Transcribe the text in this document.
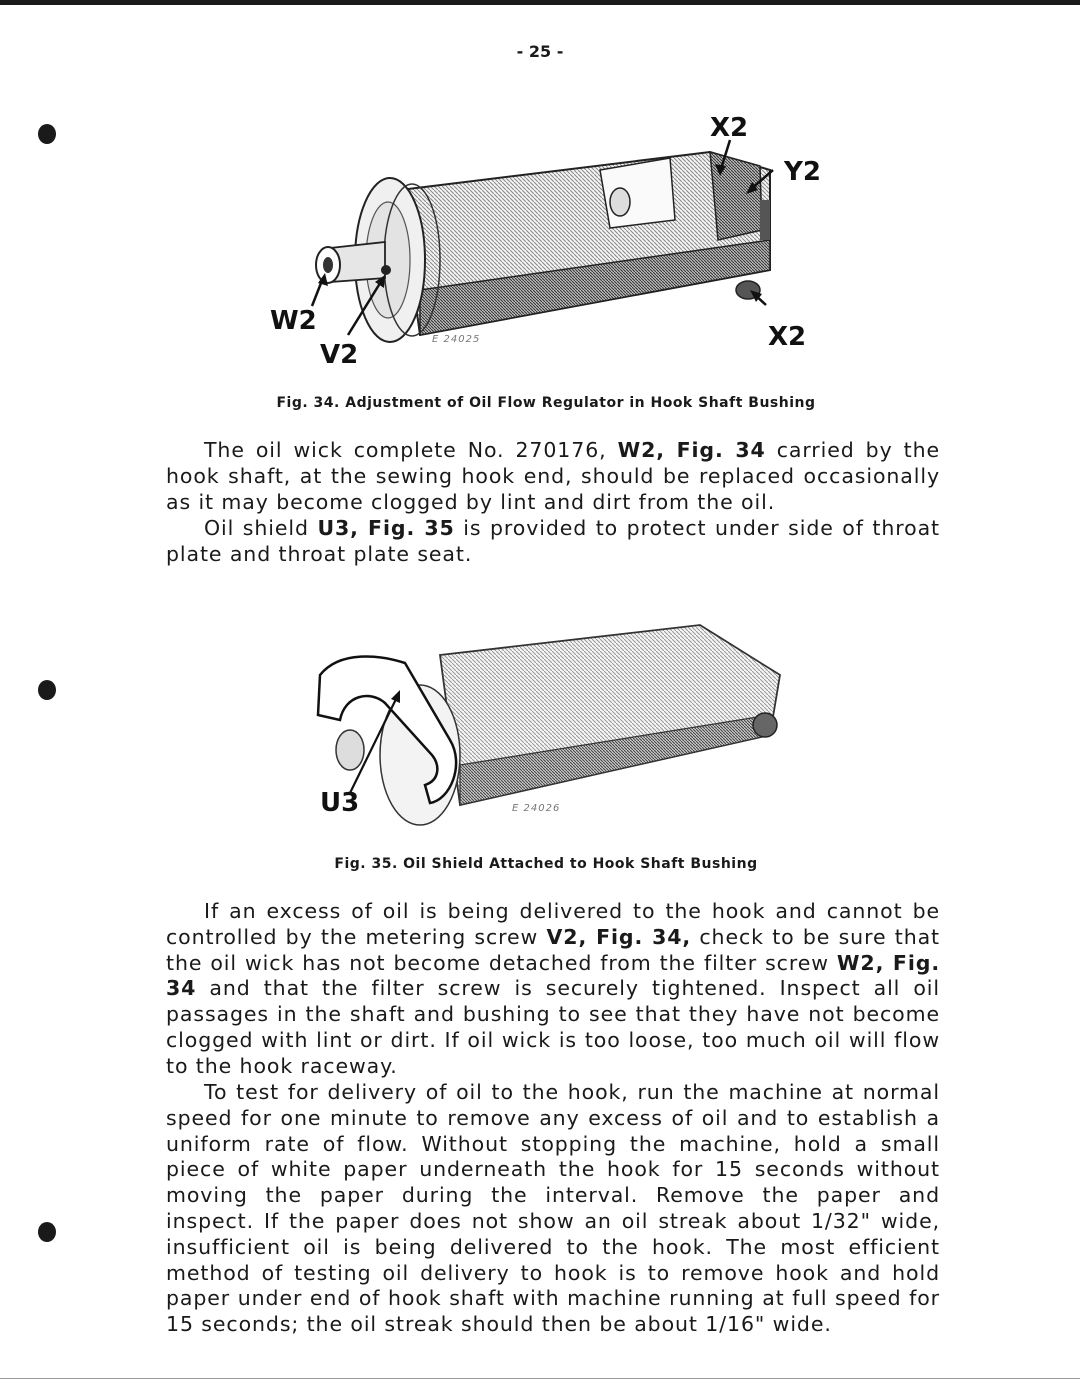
- 25 -
X2
Y2
W2
V2
X2
E 24025
Fig. 34. Adjustment of Oil Flow Regulator in Hook Shaft Bushing

The oil wick complete No. 270176, W2, Fig. 34 carried by the hook shaft, at the sewing hook end, should be replaced occasionally as it may become clogged by lint and dirt from the oil.

Oil shield U3, Fig. 35 is provided to protect under side of throat plate and throat plate seat.

U3	E 24026
Fig. 35. Oil Shield Attached to Hook Shaft Bushing

If an excess of oil is being delivered to the hook and cannot be controlled by the metering screw V2, Fig. 34, check to be sure that the oil wick has not become detached from the filter screw W2, Fig. 34 and that the filter screw is securely tightened. Inspect all oil passages in the shaft and bushing to see that they have not become clogged with lint or dirt. If oil wick is too loose, too much oil will flow to the hook raceway.

To test for delivery of oil to the hook, run the machine at normal speed for one minute to remove any excess of oil and to establish a uniform rate of flow. Without stopping the machine, hold a small piece of white paper underneath the hook for 15 seconds without moving the paper during the interval. Remove the paper and inspect. If the paper does not show an oil streak about 1/32" wide, insufficient oil is being delivered to the hook. The most efficient method of testing oil delivery to hook is to remove hook and hold paper under end of hook shaft with machine running at full speed for 15 seconds; the oil streak should then be about 1/16" wide.
